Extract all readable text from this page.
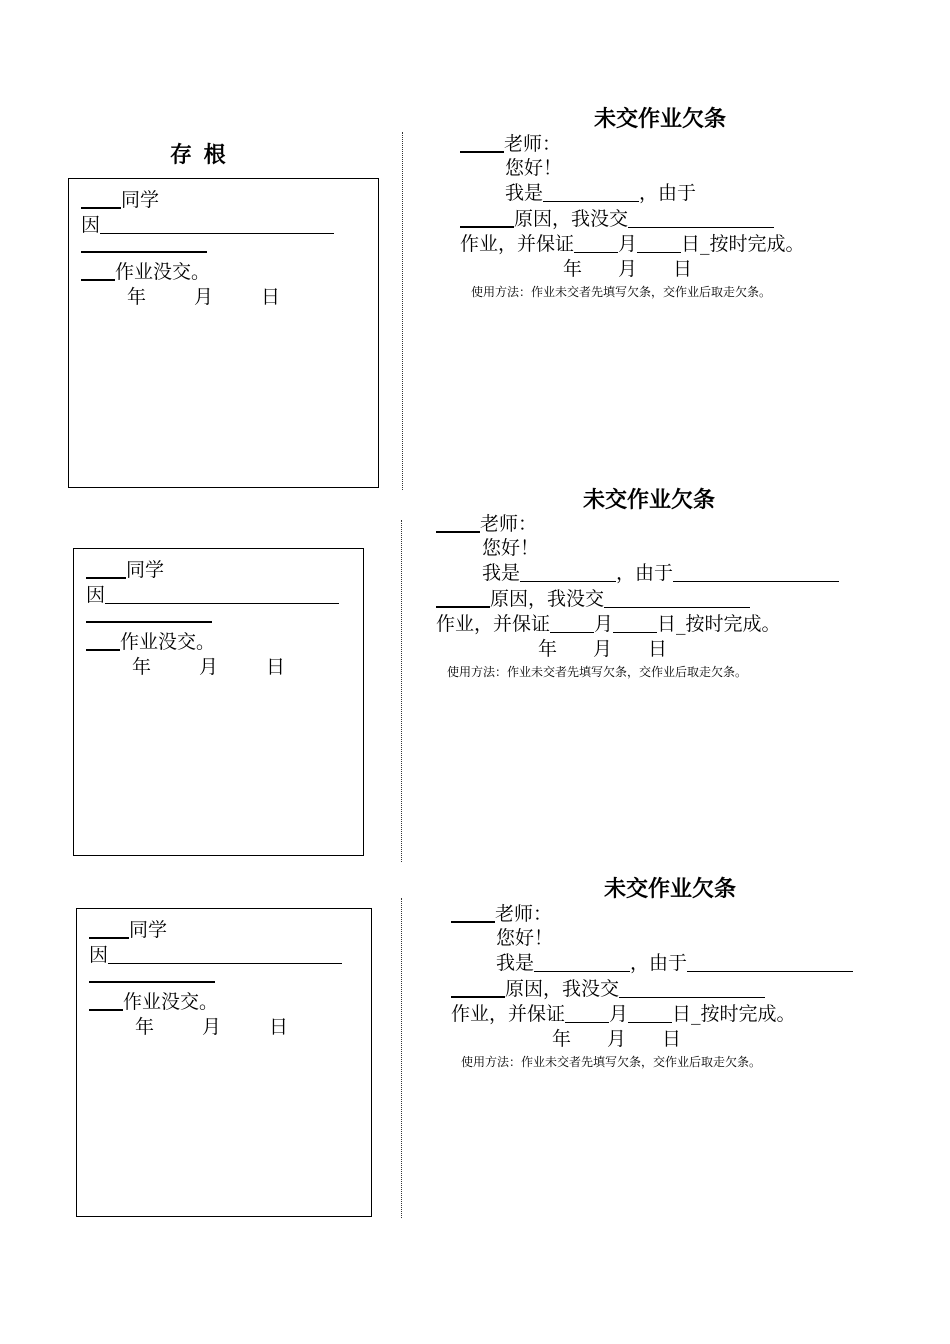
存 根
同学
因
作业没交。
年	月	日
未交作业欠条
老师：
您好！
我是	，由于
原因，我没交
作业，并保证 月 日_按时完成。
年 月 日
使用方法：作业未交者先填写欠条，交作业后取走欠条。
同学
因
作业没交。
年	月	日
未交作业欠条
老师：
您好！
我是	，由于
原因，我没交
作业，并保证 月 日_按时完成。
年 月 日
使用方法：作业未交者先填写欠条，交作业后取走欠条。
同学
因
作业没交。
年	月	日
未交作业欠条
老师：
您好！
我是	，由于
原因，我没交
作业，并保证 月 日_按时完成。
年 月 日
使用方法：作业未交者先填写欠条，交作业后取走欠条。
